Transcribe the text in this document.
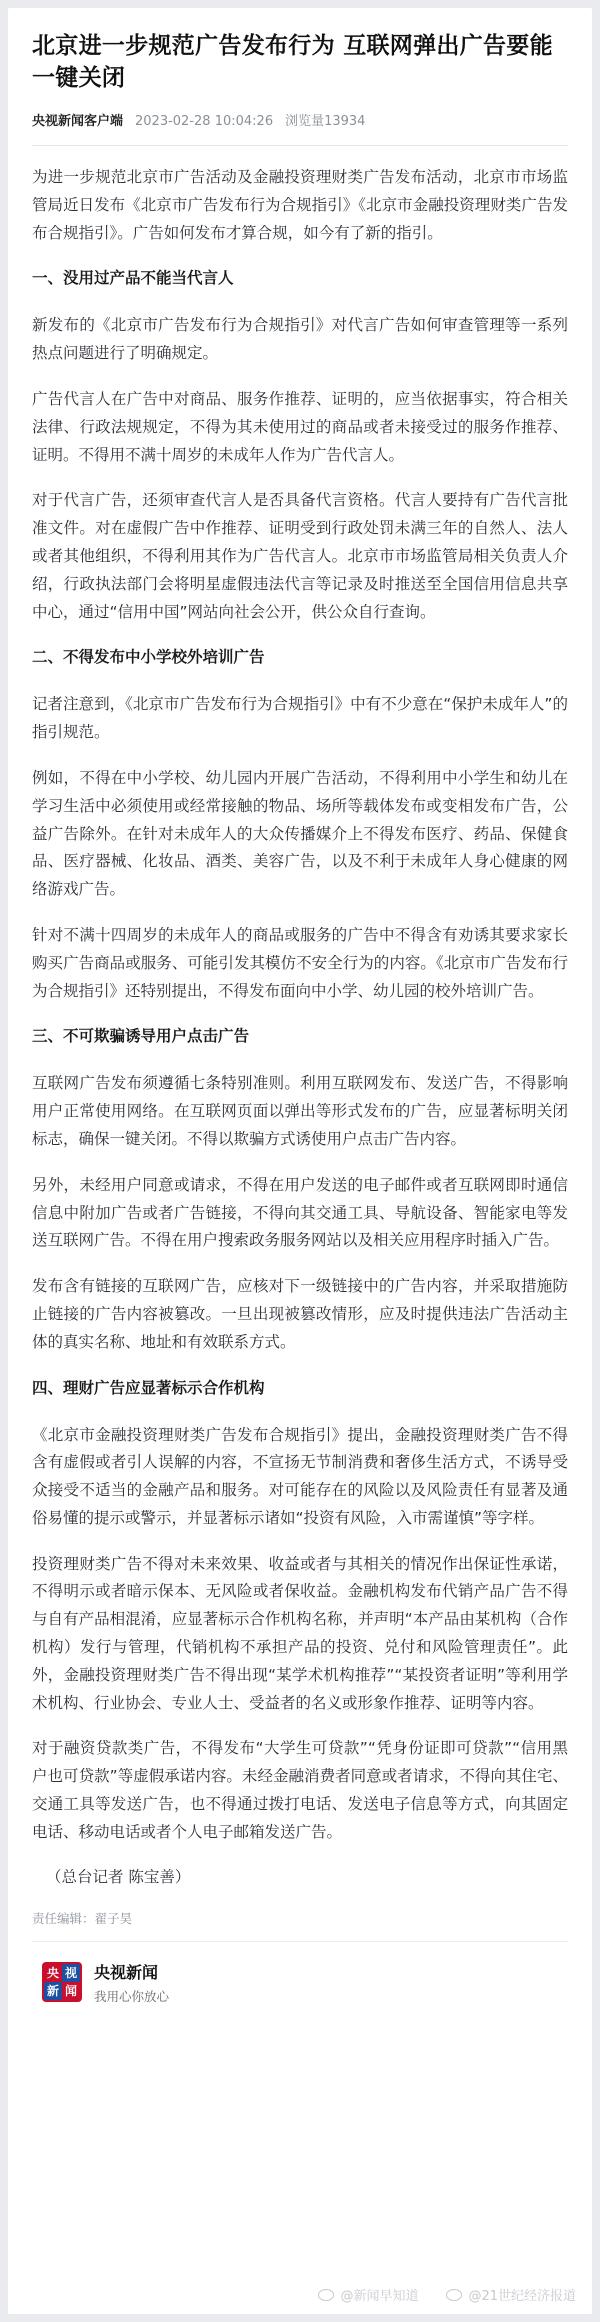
北京进一步规范广告发布行为 互联网弹出广告要能一键关闭
央视新闻客户端 2023-02-28 10:04:26 浏览量13934

为进一步规范北京市广告活动及金融投资理财类广告发布活动，北京市市场监管局近日发布《北京市广告发布行为合规指引》《北京市金融投资理财类广告发布合规指引》。广告如何发布才算合规，如今有了新的指引。

一、没用过产品不能当代言人

新发布的《北京市广告发布行为合规指引》对代言广告如何审查管理等一系列热点问题进行了明确规定。

广告代言人在广告中对商品、服务作推荐、证明的，应当依据事实，符合相关法律、行政法规规定，不得为其未使用过的商品或者未接受过的服务作推荐、证明。不得用不满十周岁的未成年人作为广告代言人。

对于代言广告，还须审查代言人是否具备代言资格。代言人要持有广告代言批准文件。对在虚假广告中作推荐、证明受到行政处罚未满三年的自然人、法人或者其他组织，不得利用其作为广告代言人。北京市市场监管局相关负责人介绍，行政执法部门会将明星虚假违法代言等记录及时推送至全国信用信息共享中心，通过“信用中国”网站向社会公开，供公众自行查询。

二、不得发布中小学校外培训广告

记者注意到，《北京市广告发布行为合规指引》中有不少意在“保护未成年人”的指引规范。

例如，不得在中小学校、幼儿园内开展广告活动，不得利用中小学生和幼儿在学习生活中必须使用或经常接触的物品、场所等载体发布或变相发布广告，公益广告除外。在针对未成年人的大众传播媒介上不得发布医疗、药品、保健食品、医疗器械、化妆品、酒类、美容广告，以及不利于未成年人身心健康的网络游戏广告。

针对不满十四周岁的未成年人的商品或服务的广告中不得含有劝诱其要求家长购买广告商品或服务、可能引发其模仿不安全行为的内容。《北京市广告发布行为合规指引》还特别提出，不得发布面向中小学、幼儿园的校外培训广告。

三、不可欺骗诱导用户点击广告

互联网广告发布须遵循七条特别准则。利用互联网发布、发送广告，不得影响用户正常使用网络。在互联网页面以弹出等形式发布的广告，应显著标明关闭标志，确保一键关闭。不得以欺骗方式诱使用户点击广告内容。

另外，未经用户同意或请求，不得在用户发送的电子邮件或者互联网即时通信信息中附加广告或者广告链接，不得向其交通工具、导航设备、智能家电等发送互联网广告。不得在用户搜索政务服务网站以及相关应用程序时插入广告。

发布含有链接的互联网广告，应核对下一级链接中的广告内容，并采取措施防止链接的广告内容被篡改。一旦出现被篡改情形，应及时提供违法广告活动主体的真实名称、地址和有效联系方式。

四、理财广告应显著标示合作机构

《北京市金融投资理财类广告发布合规指引》提出，金融投资理财类广告不得含有虚假或者引人误解的内容，不宣扬无节制消费和奢侈生活方式，不诱导受众接受不适当的金融产品和服务。对可能存在的风险以及风险责任有显著及通俗易懂的提示或警示，并显著标示诸如“投资有风险，入市需谨慎”等字样。

投资理财类广告不得对未来效果、收益或者与其相关的情况作出保证性承诺，不得明示或者暗示保本、无风险或者保收益。金融机构发布代销产品广告不得与自有产品相混淆，应显著标示合作机构名称，并声明“本产品由某机构（合作机构）发行与管理，代销机构不承担产品的投资、兑付和风险管理责任”。此外，金融投资理财类广告不得出现“某学术机构推荐”“某投资者证明”等利用学术机构、行业协会、专业人士、受益者的名义或形象作推荐、证明等内容。

对于融资贷款类广告，不得发布“大学生可贷款”“凭身份证即可贷款”“信用黑户也可贷款”等虚假承诺内容。未经金融消费者同意或者请求，不得向其住宅、交通工具等发送广告，也不得通过拨打电话、发送电子信息等方式，向其固定电话、移动电话或者个人电子邮箱发送广告。

（总台记者 陈宝善）
责任编辑：翟子昊
央 视
新 闻
央视新闻
我用心你放心
@新闻早知道	@21世纪经济报道
